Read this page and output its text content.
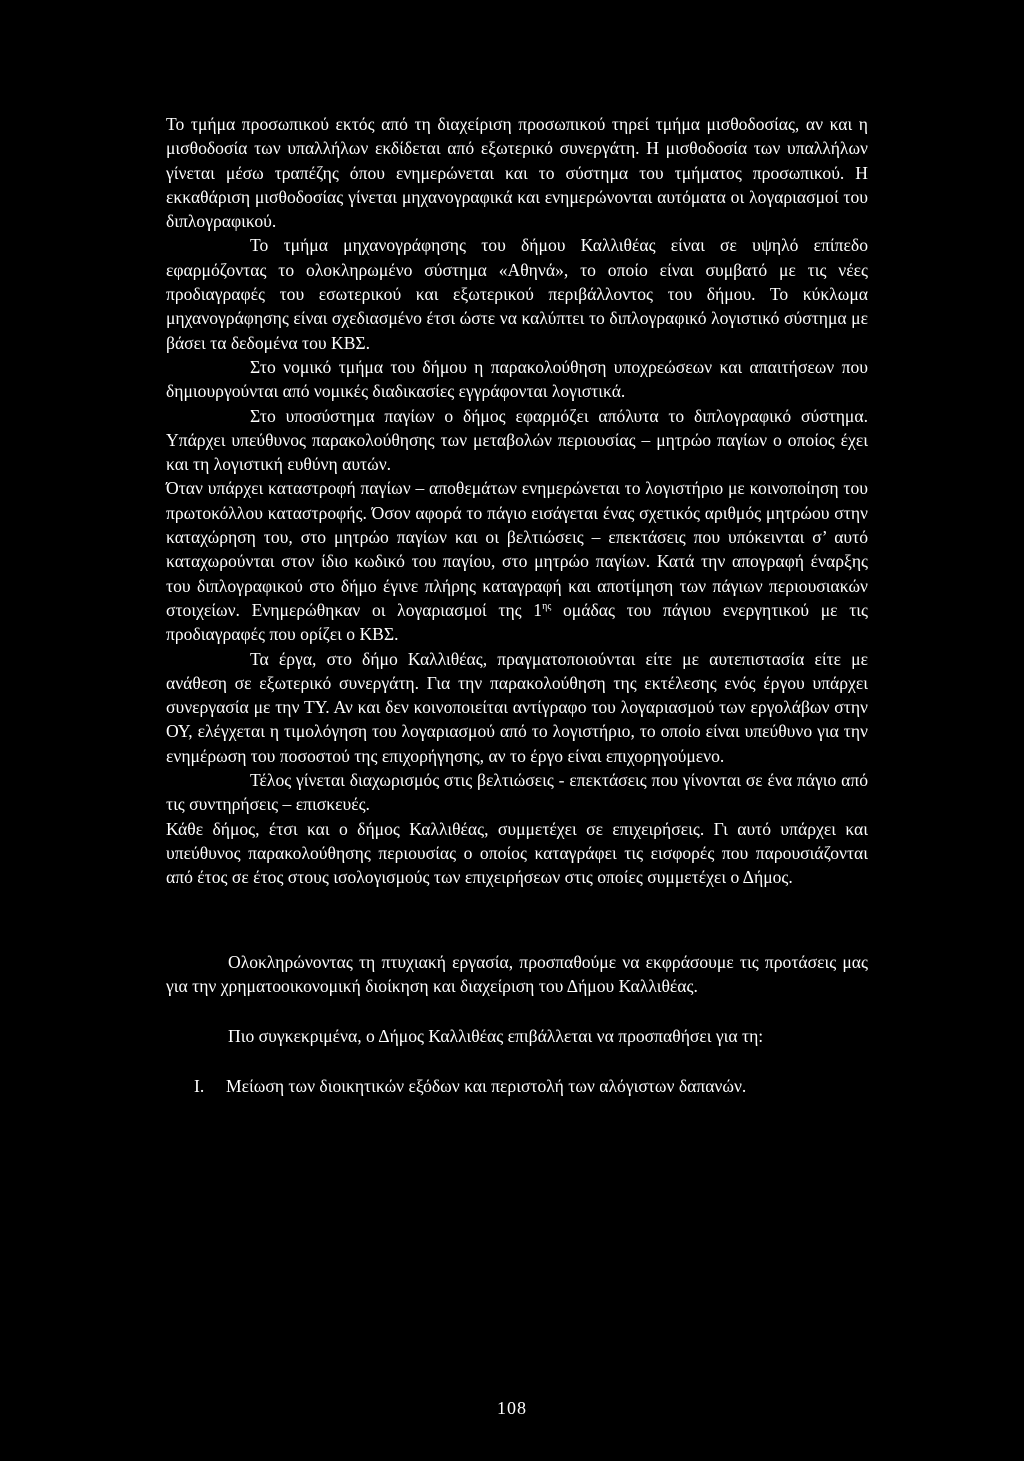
Το τμήμα προσωπικού εκτός από τη διαχείριση προσωπικού τηρεί τμήμα μισθοδοσίας, αν και η μισθοδοσία των υπαλλήλων εκδίδεται από εξωτερικό συνεργάτη. Η μισθοδοσία των υπαλλήλων γίνεται μέσω τραπέζης όπου ενημερώνεται και το σύστημα του τμήματος προσωπικού. Η εκκαθάριση μισθοδοσίας γίνεται μηχανογραφικά και ενημερώνονται αυτόματα οι λογαριασμοί του διπλογραφικού.

Το τμήμα μηχανογράφησης του δήμου Καλλιθέας είναι σε υψηλό επίπεδο εφαρμόζοντας το ολοκληρωμένο σύστημα «Αθηνά», το οποίο είναι συμβατό με τις νέες προδιαγραφές του εσωτερικού και εξωτερικού περιβάλλοντος του δήμου. Το κύκλωμα μηχανογράφησης είναι σχεδιασμένο έτσι ώστε να καλύπτει το διπλογραφικό λογιστικό σύστημα με βάσει τα δεδομένα του ΚΒΣ.

Στο νομικό τμήμα του δήμου η παρακολούθηση υποχρεώσεων και απαιτήσεων που δημιουργούνται από νομικές διαδικασίες εγγράφονται λογιστικά.

Στο υποσύστημα παγίων ο δήμος εφαρμόζει απόλυτα το διπλογραφικό σύστημα. Υπάρχει υπεύθυνος παρακολούθησης των μεταβολών περιουσίας – μητρώο παγίων ο οποίος έχει και τη λογιστική ευθύνη αυτών.

Όταν υπάρχει καταστροφή παγίων – αποθεμάτων ενημερώνεται το λογιστήριο με κοινοποίηση του πρωτοκόλλου καταστροφής. Όσον αφορά το πάγιο εισάγεται ένας σχετικός αριθμός μητρώου στην καταχώρηση του, στο μητρώο παγίων και οι βελτιώσεις – επεκτάσεις που υπόκεινται σ’ αυτό καταχωρούνται στον ίδιο κωδικό του παγίου, στο μητρώο παγίων. Κατά την απογραφή έναρξης του διπλογραφικού στο δήμο έγινε πλήρης καταγραφή και αποτίμηση των πάγιων περιουσιακών στοιχείων. Ενημερώθηκαν οι λογαριασμοί της $1^{\eta\varsigma}$ ομάδας του πάγιου ενεργητικού με τις προδιαγραφές που ορίζει ο ΚΒΣ.

Τα έργα, στο δήμο Καλλιθέας, πραγματοποιούνται είτε με αυτεπιστασία είτε με ανάθεση σε εξωτερικό συνεργάτη. Για την παρακολούθηση της εκτέλεσης ενός έργου υπάρχει συνεργασία με την ΤΥ. Αν και δεν κοινοποιείται αντίγραφο του λογαριασμού των εργολάβων στην ΟΥ, ελέγχεται η τιμολόγηση του λογαριασμού από το λογιστήριο, το οποίο είναι υπεύθυνο για την ενημέρωση του ποσοστού της επιχορήγησης, αν το έργο είναι επιχορηγούμενο.

Τέλος γίνεται διαχωρισμός στις βελτιώσεις - επεκτάσεις που γίνονται σε ένα πάγιο από τις συντηρήσεις – επισκευές.

Κάθε δήμος, έτσι και ο δήμος Καλλιθέας, συμμετέχει σε επιχειρήσεις. Γι αυτό υπάρχει και υπεύθυνος παρακολούθησης περιουσίας ο οποίος καταγράφει τις εισφορές που παρουσιάζονται από έτος σε έτος στους ισολογισμούς των επιχειρήσεων στις οποίες συμμετέχει ο Δήμος.

Ολοκληρώνοντας τη πτυχιακή εργασία, προσπαθούμε να εκφράσουμε τις προτάσεις μας για την χρηματοοικονομική διοίκηση και διαχείριση του Δήμου Καλλιθέας.

Πιο συγκεκριμένα, ο Δήμος Καλλιθέας επιβάλλεται να προσπαθήσει για τη:

I.	Μείωση των διοικητικών εξόδων και περιστολή των αλόγιστων δαπανών.
108
